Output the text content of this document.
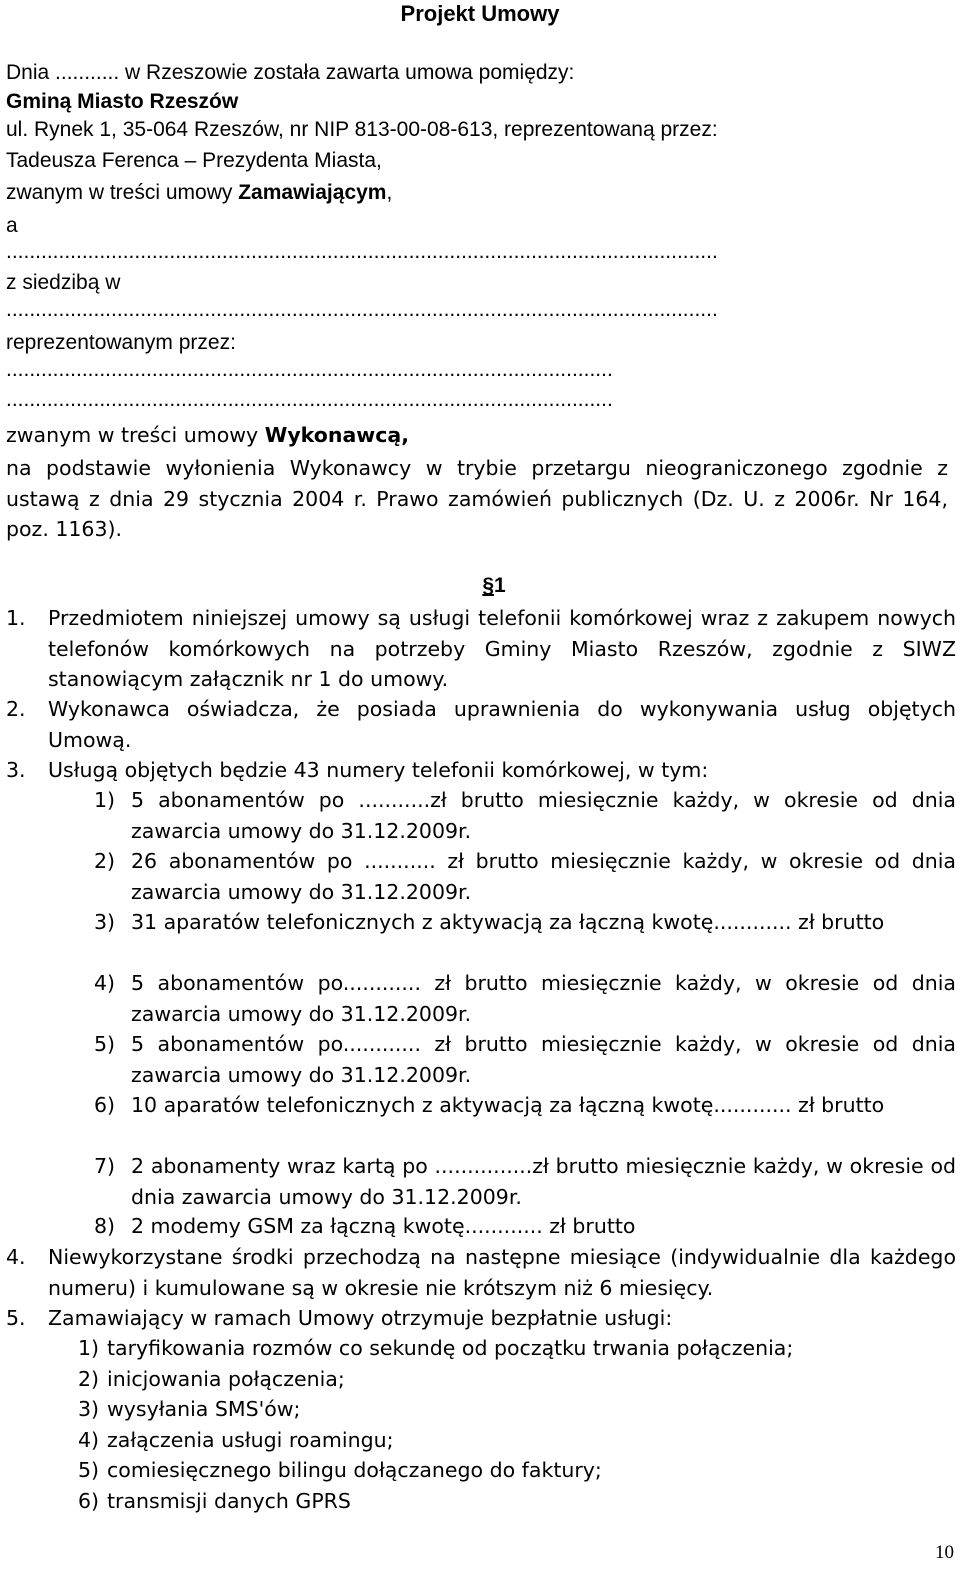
Projekt Umowy
Dnia ........... w Rzeszowie została zawarta umowa pomiędzy:
Gminą Miasto Rzeszów
ul. Rynek 1, 35-064 Rzeszów, nr NIP 813-00-08-613, reprezentowaną przez:
Tadeusza Ferenca – Prezydenta Miasta,
zwanym w treści umowy Zamawiającym,
a
..........................................................................................................................
z siedzibą w
..........................................................................................................................
reprezentowanym przez:
........................................................................................................
........................................................................................................
zwanym w treści umowy Wykonawcą,
na podstawie wyłonienia Wykonawcy w trybie przetargu nieograniczonego zgodnie z ustawą z dnia 29 stycznia 2004 r. Prawo zamówień publicznych (Dz. U. z 2006r. Nr 164, poz. 1163).
§1
1. Przedmiotem niniejszej umowy są usługi telefonii komórkowej wraz z zakupem nowych telefonów komórkowych na potrzeby Gminy Miasto Rzeszów, zgodnie z SIWZ stanowiącym załącznik nr 1 do umowy.
2. Wykonawca oświadcza, że posiada uprawnienia do wykonywania usług objętych Umową.
3. Usługą objętych będzie 43 numery telefonii komórkowej, w tym:
1) 5 abonamentów po ...........zł brutto miesięcznie każdy, w okresie od dnia zawarcia umowy do 31.12.2009r.
2) 26 abonamentów po ........... zł brutto miesięcznie każdy, w okresie od dnia zawarcia umowy do 31.12.2009r.
3) 31 aparatów telefonicznych z aktywacją za łączną kwotę............ zł brutto
4) 5 abonamentów po............ zł brutto miesięcznie każdy, w okresie od dnia zawarcia umowy do 31.12.2009r.
5) 5 abonamentów po............ zł brutto miesięcznie każdy, w okresie od dnia zawarcia umowy do 31.12.2009r.
6) 10 aparatów telefonicznych z aktywacją za łączną kwotę............ zł brutto
7) 2 abonamenty wraz kartą po ...............zł brutto miesięcznie każdy, w okresie od dnia zawarcia umowy do 31.12.2009r.
8) 2 modemy GSM za łączną kwotę............ zł brutto
4. Niewykorzystane środki przechodzą na następne miesiące (indywidualnie dla każdego numeru) i kumulowane są w okresie nie krótszym niż 6 miesięcy.
5. Zamawiający w ramach Umowy otrzymuje bezpłatnie usługi:
1) taryfikowania rozmów co sekundę od początku trwania połączenia;
2) inicjowania połączenia;
3) wysyłania SMS'ów;
4) załączenia usługi roamingu;
5) comiesięcznego bilingu dołączanego do faktury;
6) transmisji danych GPRS
10
